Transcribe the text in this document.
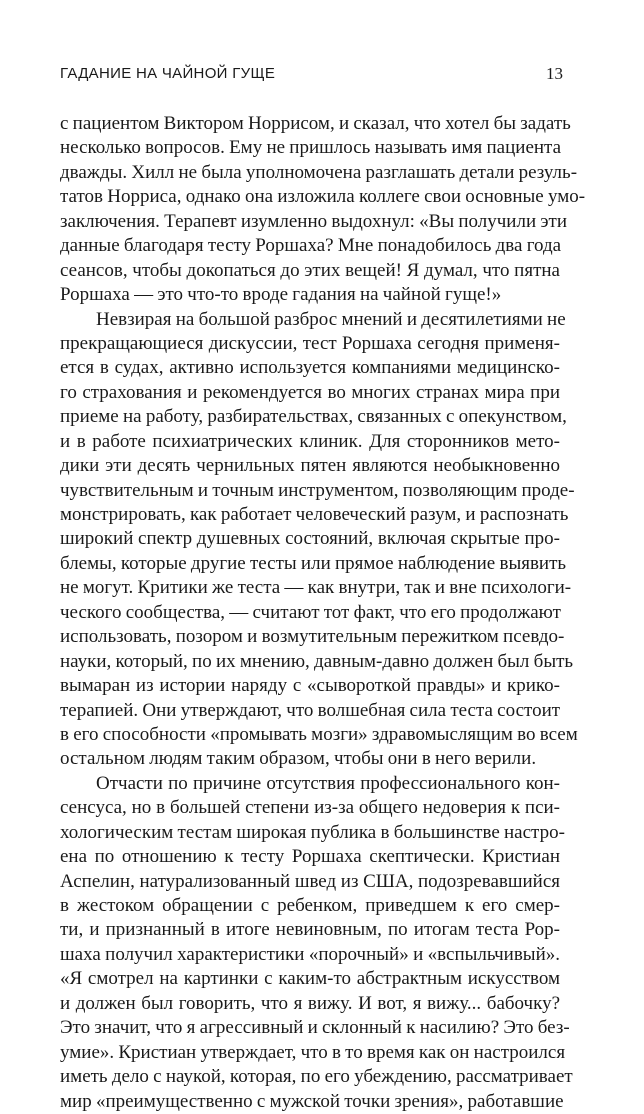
ГАДАНИЕ НА ЧАЙНОЙ ГУЩЕ	13
с пациентом Виктором Норрисом, и сказал, что хотел бы задать
несколько вопросов. Ему не пришлось называть имя пациента
дважды. Хилл не была уполномочена разглашать детали резуль-
татов Норриса, однако она изложила коллеге свои основные умо-
заключения. Терапевт изумленно выдохнул: «Вы получили эти
данные благодаря тесту Роршаха? Мне понадобилось два года
сеансов, чтобы докопаться до этих вещей! Я думал, что пятна
Роршаха — это что-то вроде гадания на чайной гуще!»
Невзирая на большой разброс мнений и десятилетиями не
прекращающиеся дискуссии, тест Роршаха сегодня применя-
ется в судах, активно используется компаниями медицинско-
го страхования и рекомендуется во многих странах мира при
приеме на работу, разбирательствах, связанных с опекунством,
и в работе психиатрических клиник. Для сторонников мето-
дики эти десять чернильных пятен являются необыкновенно
чувствительным и точным инструментом, позволяющим проде-
монстрировать, как работает человеческий разум, и распознать
широкий спектр душевных состояний, включая скрытые про-
блемы, которые другие тесты или прямое наблюдение выявить
не могут. Критики же теста — как внутри, так и вне психологи-
ческого сообщества, — считают тот факт, что его продолжают
использовать, позором и возмутительным пережитком псевдо-
науки, который, по их мнению, давным-давно должен был быть
вымаран из истории наряду с «сывороткой правды» и крико-
терапией. Они утверждают, что волшебная сила теста состоит
в его способности «промывать мозги» здравомыслящим во всем
остальном людям таким образом, чтобы они в него верили.
Отчасти по причине отсутствия профессионального кон-
сенсуса, но в большей степени из-за общего недоверия к пси-
хологическим тестам широкая публика в большинстве настро-
ена по отношению к тесту Роршаха скептически. Кристиан
Аспелин, натурализованный швед из США, подозревавшийся
в жестоком обращении с ребенком, приведшем к его смер-
ти, и признанный в итоге невиновным, по итогам теста Рор-
шаха получил характеристики «порочный» и «вспыльчивый».
«Я смотрел на картинки с каким-то абстрактным искусством
и должен был говорить, что я вижу. И вот, я вижу... бабочку?
Это значит, что я агрессивный и склонный к насилию? Это без-
умие». Кристиан утверждает, что в то время как он настроился
иметь дело с наукой, которая, по его убеждению, рассматривает
мир «преимущественно с мужской точки зрения», работавшие
